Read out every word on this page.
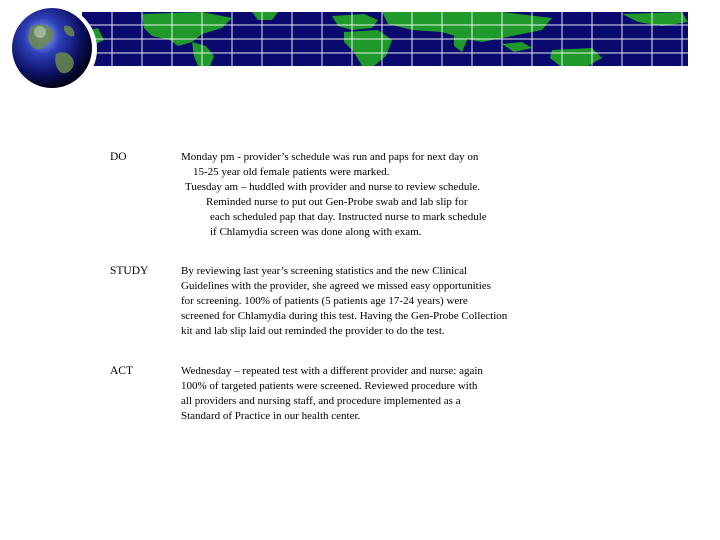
DO	Monday pm - provider’s schedule was run and paps for next day on
15-25 year old female patients were marked.
Tuesday am – huddled with provider and nurse to review schedule.
Reminded nurse to put out Gen-Probe swab and lab slip for
each scheduled pap that day. Instructed nurse to mark schedule
if Chlamydia screen was done along with exam.
STUDY	By reviewing last year’s screening statistics and the new Clinical
Guidelines with the provider, she agreed we missed easy opportunities
for screening. 100% of patients (5 patients age 17-24 years) were
screened for Chlamydia during this test. Having the Gen-Probe Collection
kit and lab slip laid out reminded the provider to do the test.
ACT	Wednesday – repeated test with a different provider and nurse: again
100% of targeted patients were screened. Reviewed procedure with
all providers and nursing staff, and procedure implemented as a
Standard of Practice in our health center.
